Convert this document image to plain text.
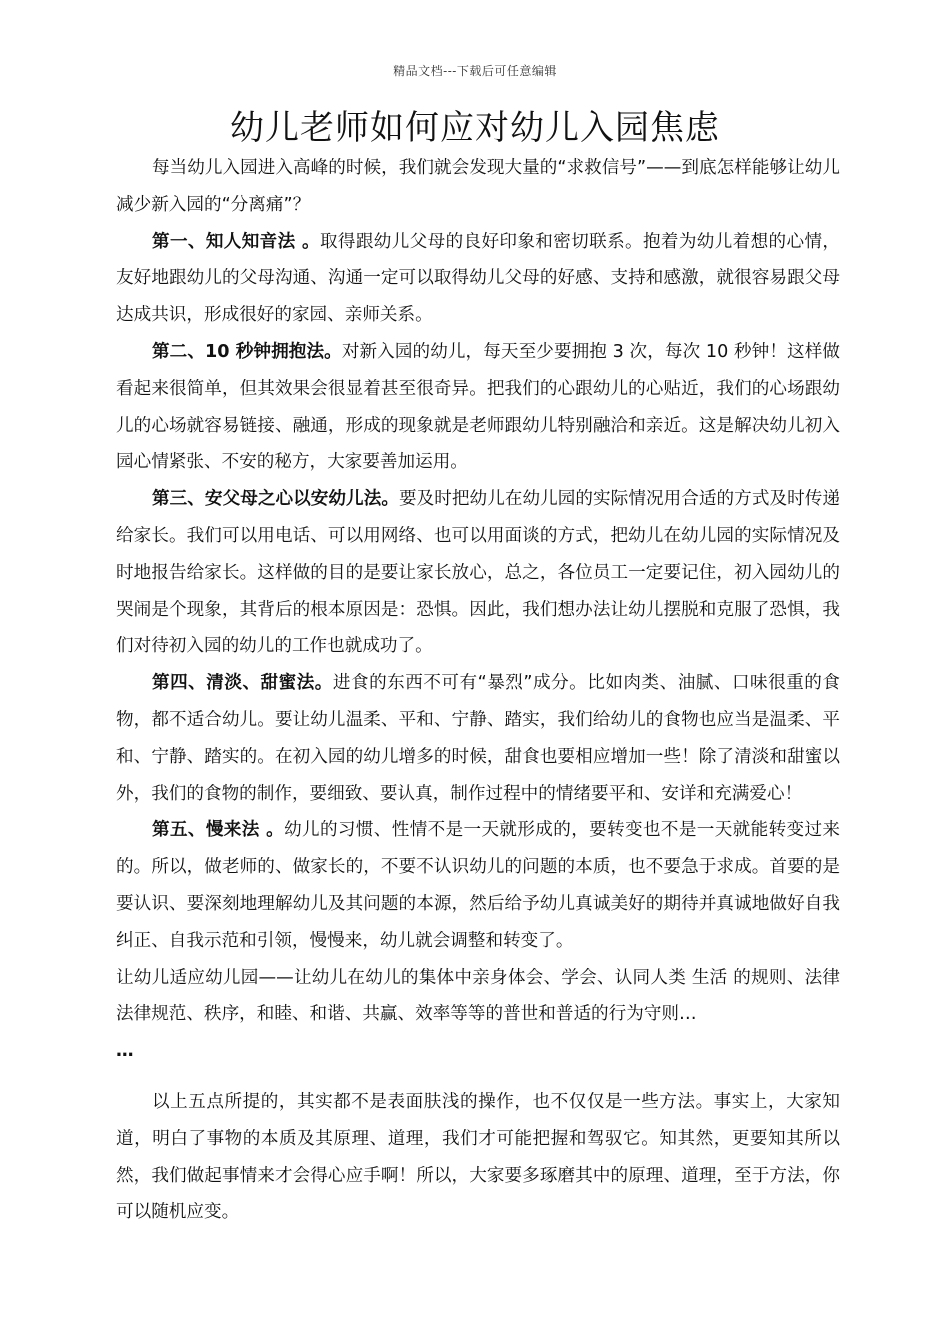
精品文档---下载后可任意编辑
幼儿老师如何应对幼儿入园焦虑

每当幼儿入园进入高峰的时候，我们就会发现大量的“求救信号”——到底怎样能够让幼儿减少新入园的“分离痛”？

第一、知人知音法 。取得跟幼儿父母的良好印象和密切联系。抱着为幼儿着想的心情，友好地跟幼儿的父母沟通、沟通一定可以取得幼儿父母的好感、支持和感激，就很容易跟父母达成共识，形成很好的家园、亲师关系。

第二、10 秒钟拥抱法。对新入园的幼儿，每天至少要拥抱 3 次，每次 10 秒钟！这样做看起来很简单，但其效果会很显着甚至很奇异。把我们的心跟幼儿的心贴近，我们的心场跟幼儿的心场就容易链接、融通，形成的现象就是老师跟幼儿特别融洽和亲近。这是解决幼儿初入园心情紧张、不安的秘方，大家要善加运用。

第三、安父母之心以安幼儿法。要及时把幼儿在幼儿园的实际情况用合适的方式及时传递给家长。我们可以用电话、可以用网络、也可以用面谈的方式，把幼儿在幼儿园的实际情况及时地报告给家长。这样做的目的是要让家长放心，总之，各位员工一定要记住，初入园幼儿的哭闹是个现象，其背后的根本原因是：恐惧。因此，我们想办法让幼儿摆脱和克服了恐惧，我们对待初入园的幼儿的工作也就成功了。

第四、清淡、甜蜜法。进食的东西不可有“暴烈”成分。比如肉类、油腻、口味很重的食物，都不适合幼儿。要让幼儿温柔、平和、宁静、踏实，我们给幼儿的食物也应当是温柔、平和、宁静、踏实的。在初入园的幼儿增多的时候，甜食也要相应增加一些！除了清淡和甜蜜以外，我们的食物的制作，要细致、要认真，制作过程中的情绪要平和、安详和充满爱心！

第五、慢来法 。幼儿的习惯、性情不是一天就形成的，要转变也不是一天就能转变过来的。所以，做老师的、做家长的，不要不认识幼儿的问题的本质，也不要急于求成。首要的是要认识、要深刻地理解幼儿及其问题的本源，然后给予幼儿真诚美好的期待并真诚地做好自我纠正、自我示范和引领，慢慢来，幼儿就会调整和转变了。

让幼儿适应幼儿园——让幼儿在幼儿的集体中亲身体会、学会、认同人类 生活 的规则、法律法律规范、秩序，和睦、和谐、共赢、效率等等的普世和普适的行为守则…

…

以上五点所提的，其实都不是表面肤浅的操作，也不仅仅是一些方法。事实上，大家知道，明白了事物的本质及其原理、道理，我们才可能把握和驾驭它。知其然，更要知其所以然，我们做起事情来才会得心应手啊！所以，大家要多琢磨其中的原理、道理，至于方法，你可以随机应变。
